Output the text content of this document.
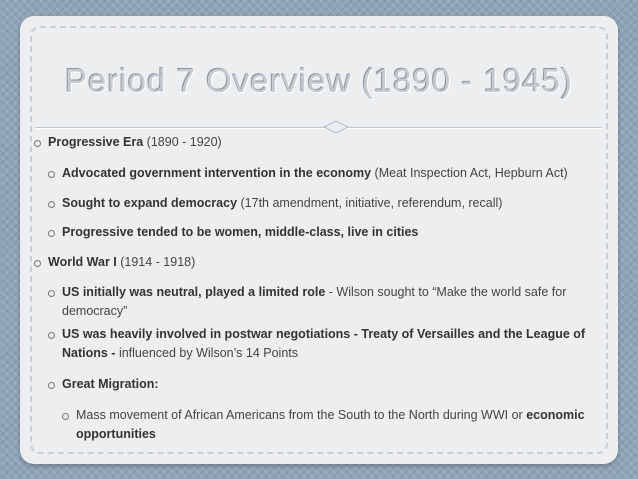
Period 7 Overview (1890 - 1945)
Progressive Era (1890 - 1920)
Advocated government intervention in the economy (Meat Inspection Act, Hepburn Act)
Sought to expand democracy (17th amendment, initiative, referendum, recall)
Progressive tended to be women, middle-class, live in cities
World War I (1914 - 1918)
US initially was neutral, played a limited role - Wilson sought to “Make the world safe for democracy”
US was heavily involved in postwar negotiations - Treaty of Versailles and the League of Nations - influenced by Wilson’s 14 Points
Great Migration:
Mass movement of African Americans from the South to the North during WWI or economic opportunities
